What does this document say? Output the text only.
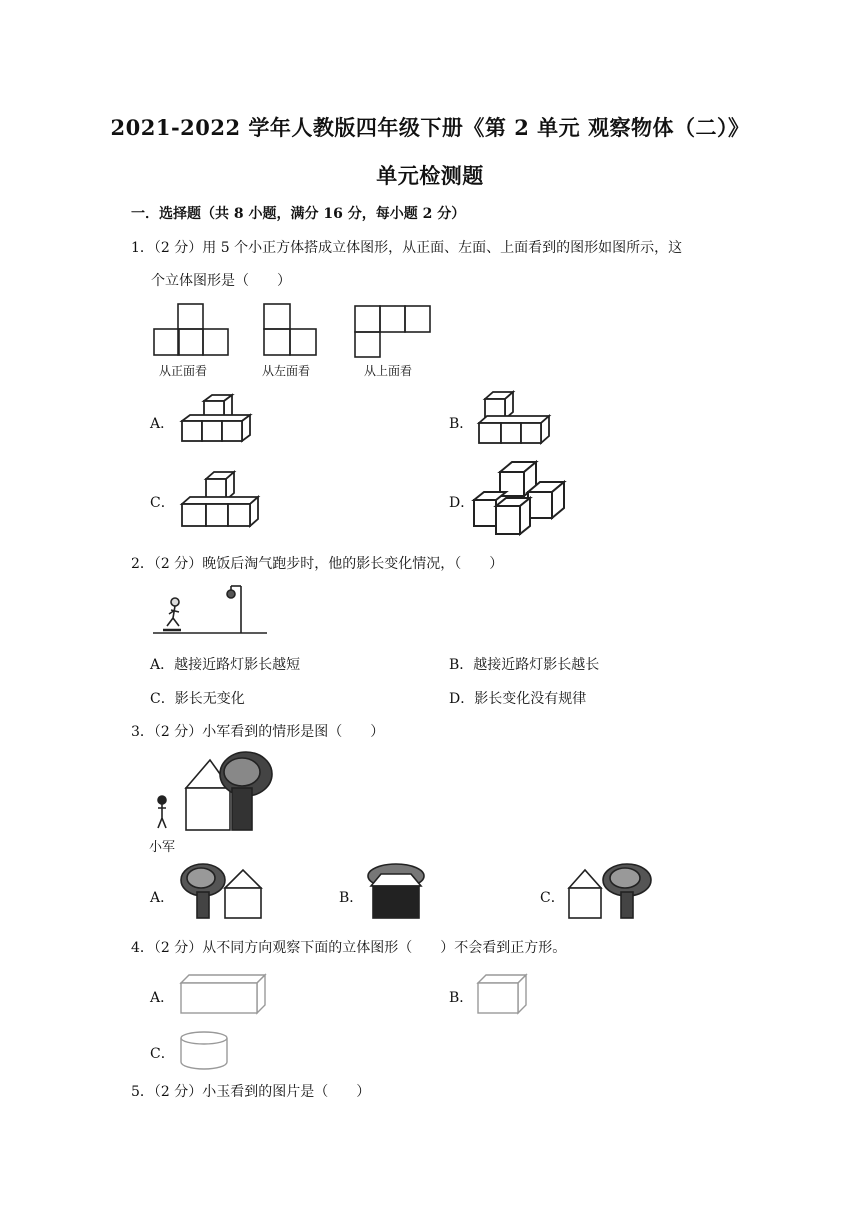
2021-2022 学年人教版四年级下册《第 2 单元 观察物体（二）》
单元检测题
一．选择题（共 8 小题，满分 16 分，每小题 2 分）
1．（2 分）用 5 个小正方体搭成立体图形，从正面、左面、上面看到的图形如图所示，这
个立体图形是（　　）
从正面看	从左面看	从上面看
A．	B．
C．	D．
2．（2 分）晚饭后淘气跑步时，他的影长变化情况，（　　）
A．越接近路灯影长越短	B．越接近路灯影长越长
C．影长无变化	D．影长变化没有规律
3．（2 分）小军看到的情形是图（　　）
小军
A．	B．	C．
4．（2 分）从不同方向观察下面的立体图形（　　）不会看到正方形。
A．	B．
C．
5．（2 分）小玉看到的图片是（　　）
